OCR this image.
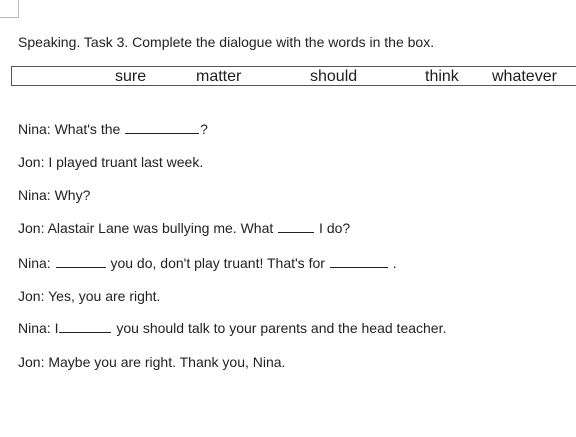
Speaking. Task 3. Complete the dialogue with the words in the box.
sure	matter	should	think whatever
Nina: What's the	?
Jon: I played truant last week.
Nina: Why?
Jon: Alastair Lane was bullying me. What	I do?
Nina:	you do, don't play truant! That's for	.
Jon: Yes, you are right.
Nina: I	you should talk to your parents and the head teacher.
Jon: Maybe you are right. Thank you, Nina.
